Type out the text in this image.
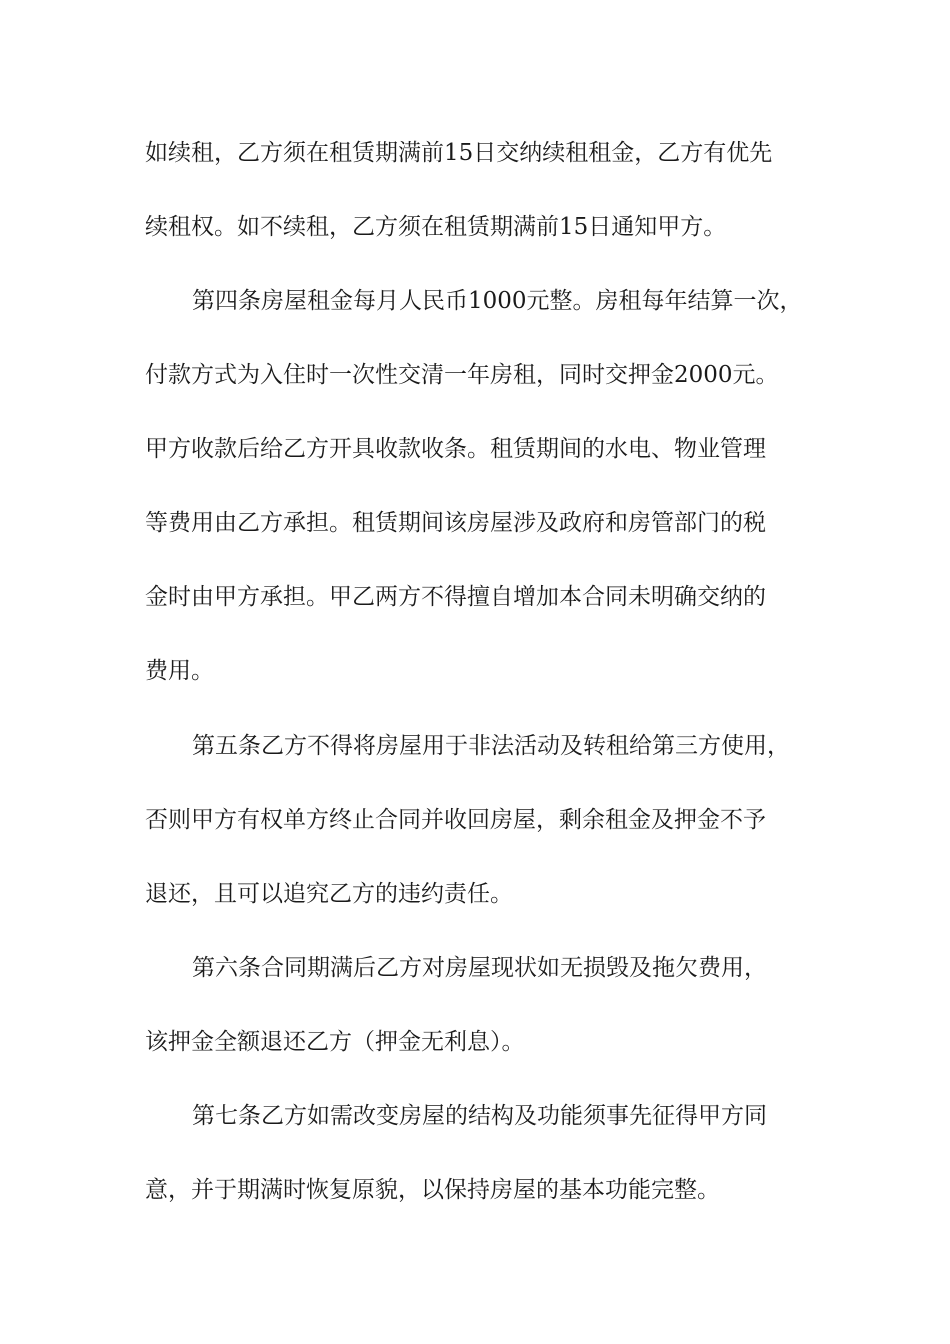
如续租，乙方须在租赁期满前15日交纳续租租金，乙方有优先
续租权。如不续租，乙方须在租赁期满前15日通知甲方。
第四条房屋租金每月人民币1000元整。房租每年结算一次，
付款方式为入住时一次性交清一年房租，同时交押金2000元。
甲方收款后给乙方开具收款收条。租赁期间的水电、物业管理
等费用由乙方承担。租赁期间该房屋涉及政府和房管部门的税
金时由甲方承担。甲乙两方不得擅自增加本合同未明确交纳的
费用。
第五条乙方不得将房屋用于非法活动及转租给第三方使用，
否则甲方有权单方终止合同并收回房屋，剩余租金及押金不予
退还，且可以追究乙方的违约责任。
第六条合同期满后乙方对房屋现状如无损毁及拖欠费用，
该押金全额退还乙方（押金无利息）。
第七条乙方如需改变房屋的结构及功能须事先征得甲方同
意，并于期满时恢复原貌，以保持房屋的基本功能完整。
